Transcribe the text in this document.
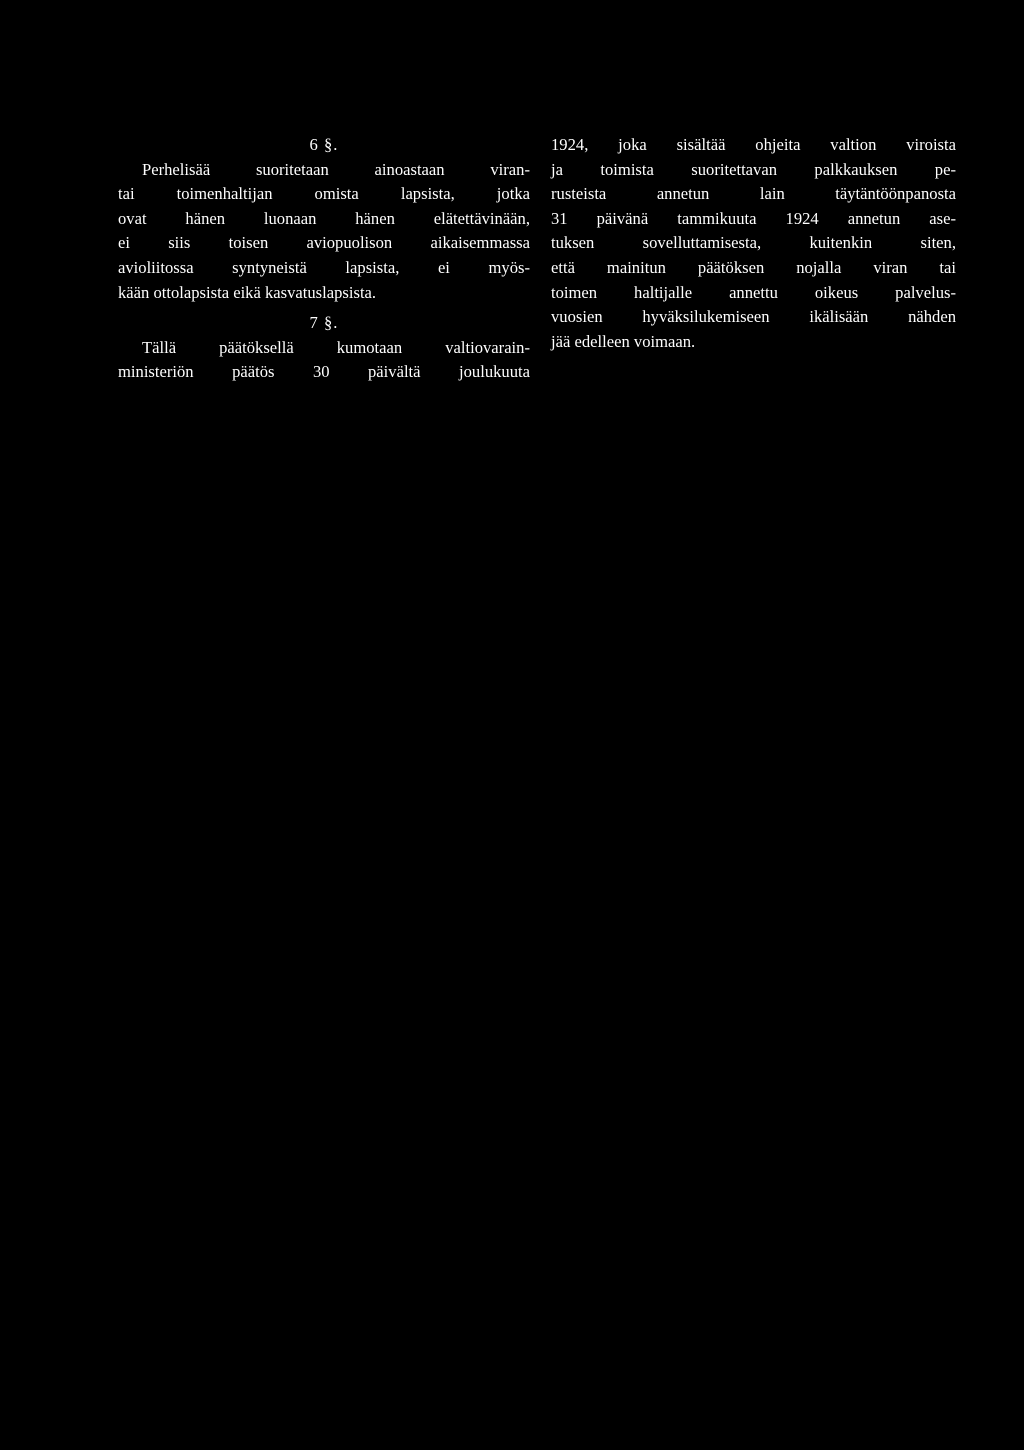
6 §.
Perhelisää suoritetaan ainoastaan viran-
tai toimenhaltijan omista lapsista, jotka
ovat hänen luonaan hänen elätettävinään,
ei siis toisen aviopuolison aikaisemmassa
avioliitossa syntyneistä lapsista, ei myös-
kään ottolapsista eikä kasvatuslapsista.
7 §.
Tällä päätöksellä kumotaan valtiovarain-
ministeriön päätös 30 päivältä joulukuuta
1924, joka sisältää ohjeita valtion viroista
ja toimista suoritettavan palkkauksen pe-
rusteista annetun lain täytäntöönpanosta
31 päivänä tammikuuta 1924 annetun ase-
tuksen sovelluttamisesta, kuitenkin siten,
että mainitun päätöksen nojalla viran tai
toimen haltijalle annettu oikeus palvelus-
vuosien hyväksilukemiseen ikälisään nähden
jää edelleen voimaan.
